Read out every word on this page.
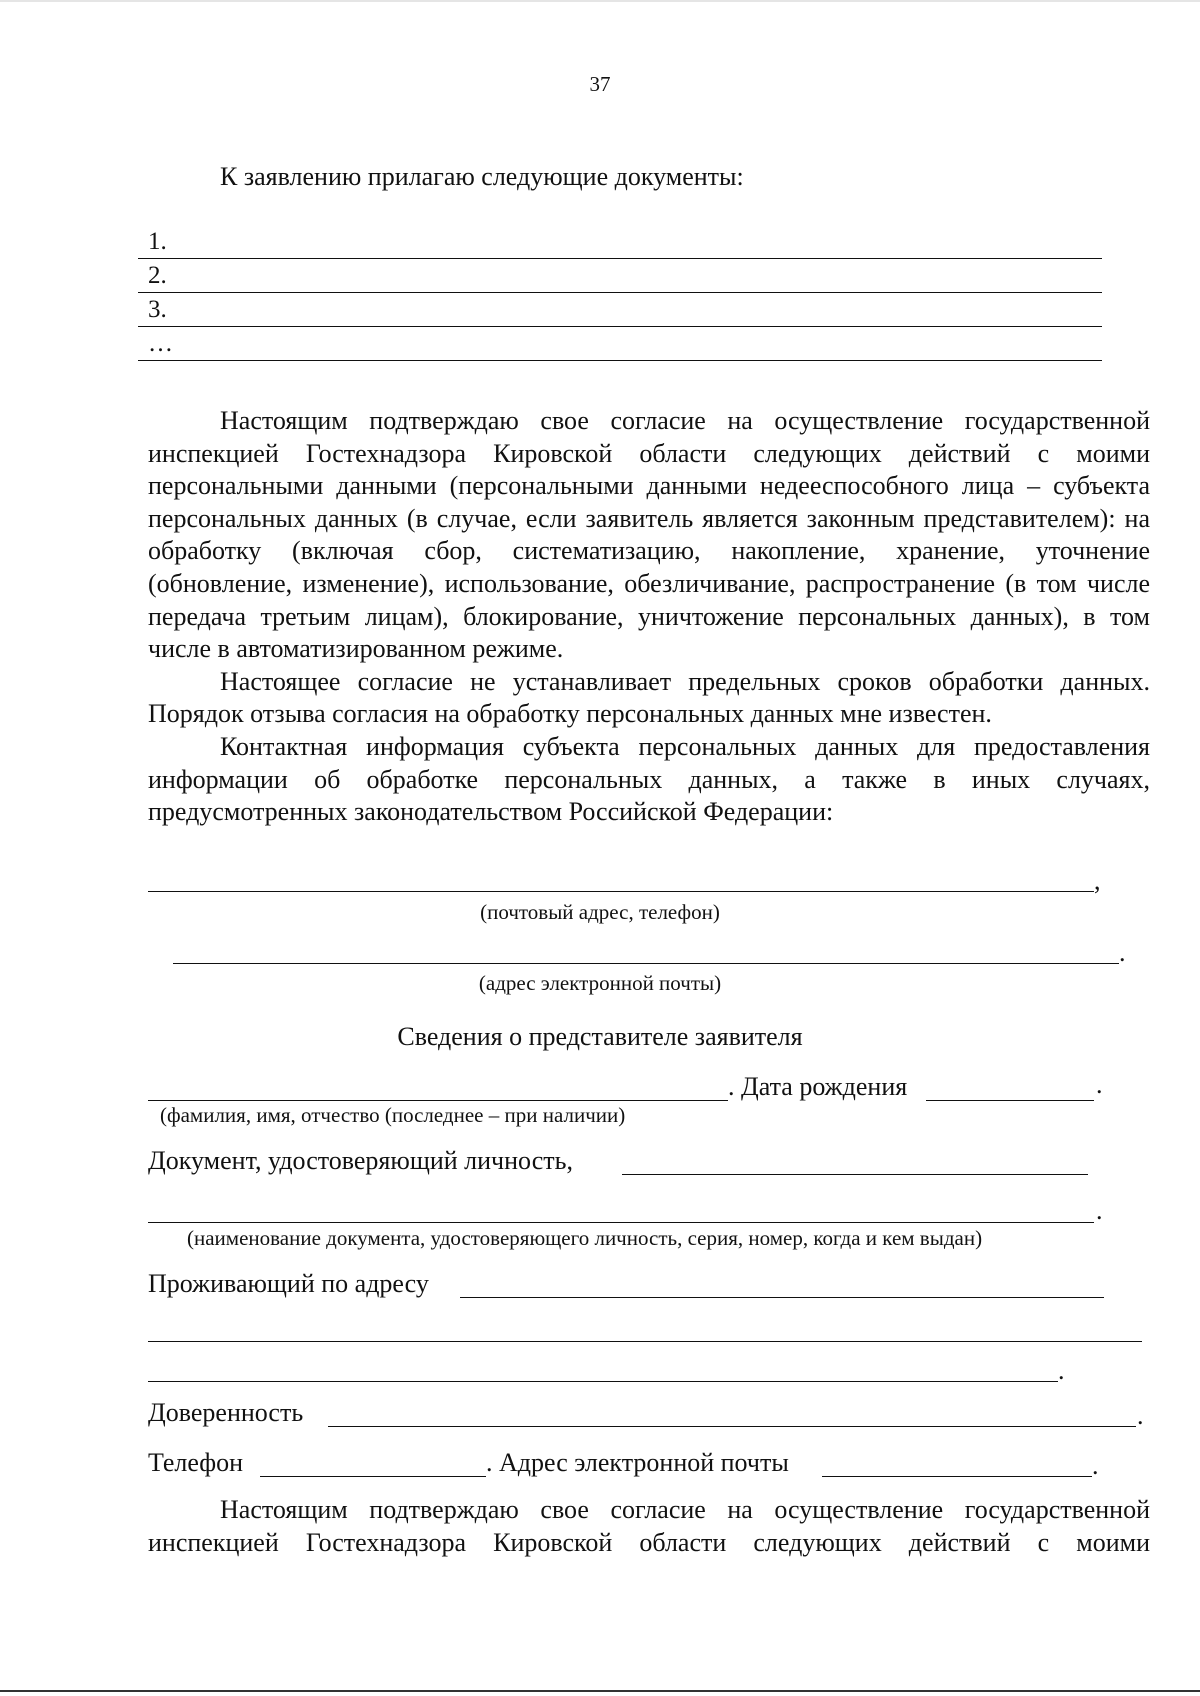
37
К заявлению прилагаю следующие документы:
1.
2.
3.
…

Настоящим подтверждаю свое согласие на осуществление государственной инспекцией Гостехнадзора Кировской области следующих действий с моими персональными данными (персональными данными недееспособного лица – субъекта персональных данных (в случае, если заявитель является законным представителем): на обработку (включая сбор, систематизацию, накопление, хранение, уточнение (обновление, изменение), использование, обезличивание, распространение (в том числе передача третьим лицам), блокирование, уничтожение персональных данных), в том числе в автоматизированном режиме.

Настоящее согласие не устанавливает предельных сроков обработки данных. Порядок отзыва согласия на обработку персональных данных мне известен.

Контактная информация субъекта персональных данных для предоставления информации об обработке персональных данных, а также в иных случаях, предусмотренных законодательством Российской Федерации:

,
(почтовый адрес, телефон)
.
(адрес электронной почты)
Сведения о представителе заявителя
. Дата рождения	.
(фамилия, имя, отчество (последнее – при наличии)
Документ, удостоверяющий личность,
.
(наименование документа, удостоверяющего личность, серия, номер, когда и кем выдан)
Проживающий по адресу
.
Доверенность	.
Телефон	. Адрес электронной почты	.

Настоящим подтверждаю свое согласие на осуществление государственной инспекцией Гостехнадзора Кировской области следующих действий с моими
